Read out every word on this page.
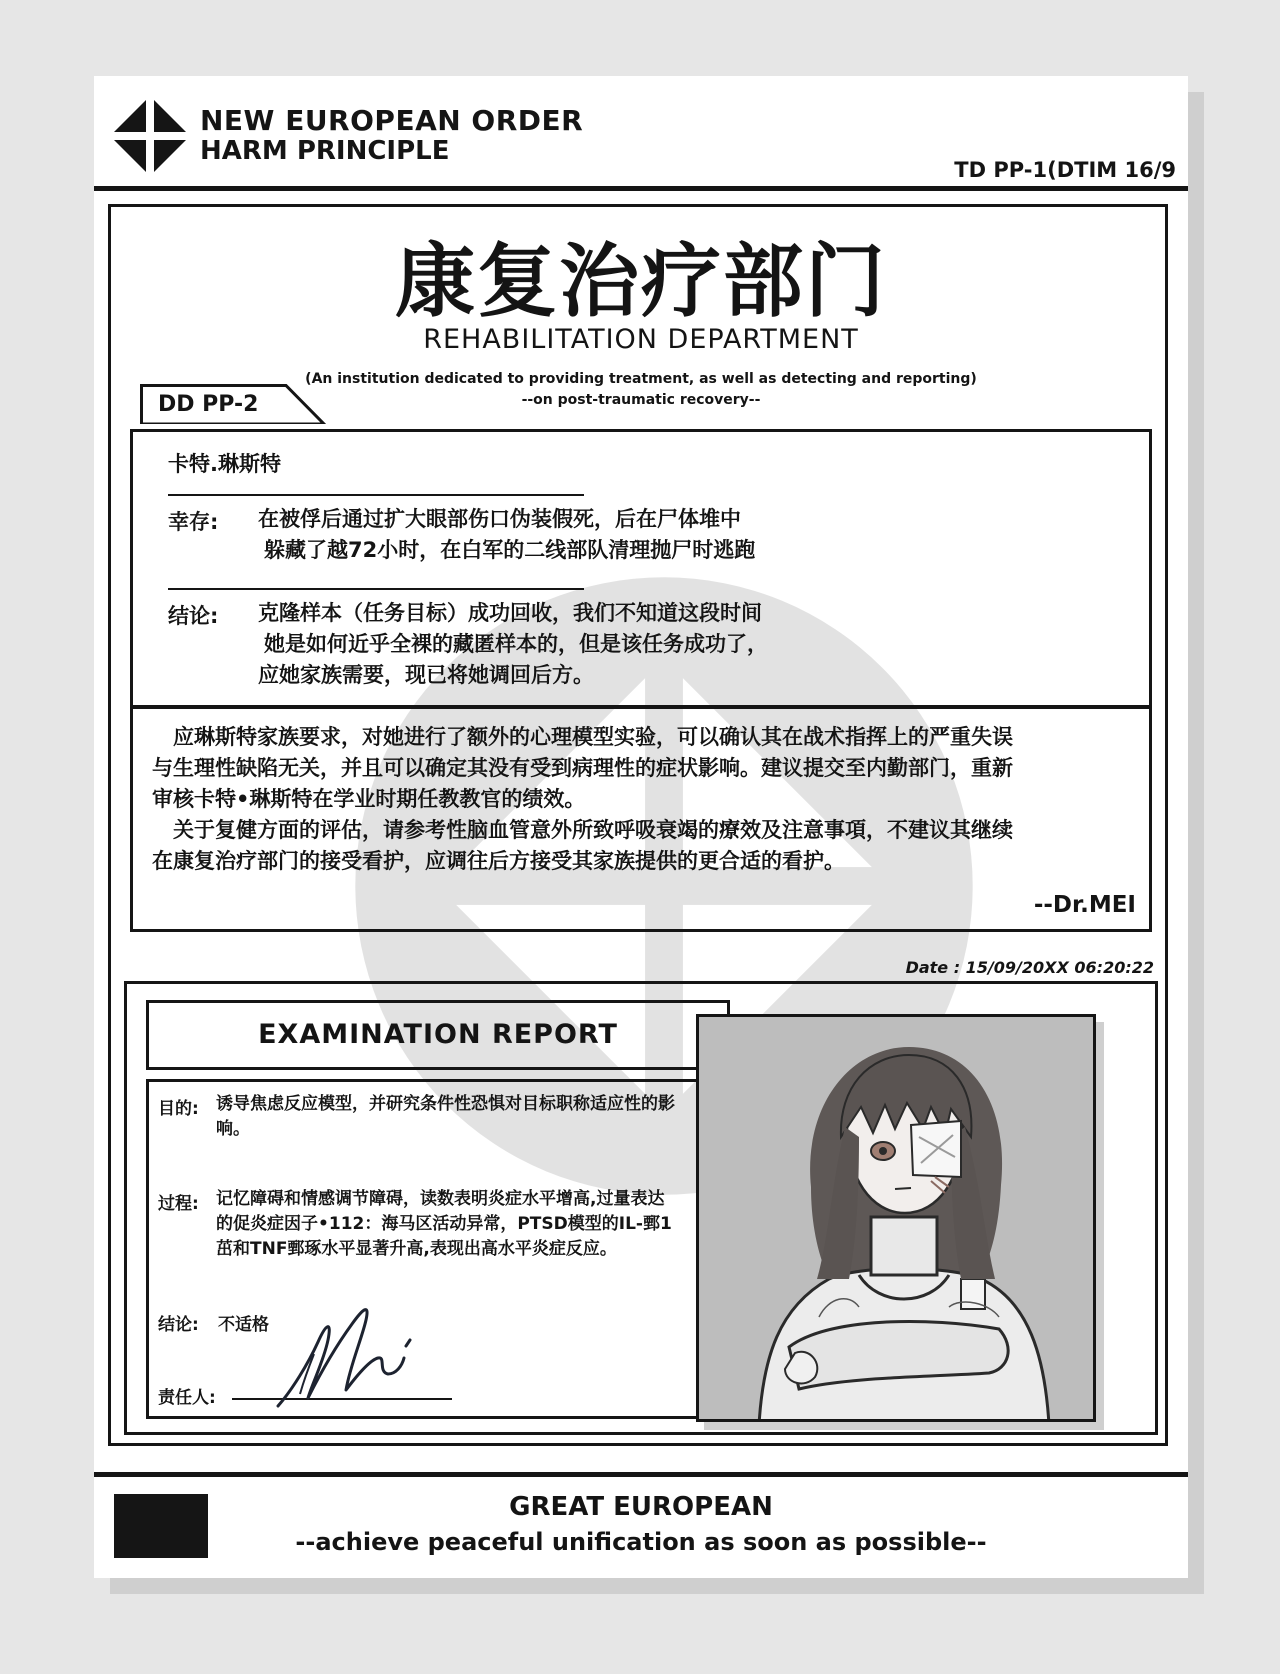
NEW EUROPEAN ORDER
HARM PRINCIPLE
TD PP-1(DTIM 16/9
康复治疗部门
REHABILITATION DEPARTMENT
(An institution dedicated to providing treatment, as well as detecting and reporting)
--on post-traumatic recovery--
DD PP-2
卡特.琳斯特
幸存: 在被俘后通过扩大眼部伤口伪装假死，后在尸体堆中
躲藏了越72小时，在白军的二线部队清理抛尸时逃跑
结论: 克隆样本（任务目标）成功回收，我们不知道这段时间
她是如何近乎全裸的藏匿样本的，但是该任务成功了，
应她家族需要，现已将她调回后方。
　应琳斯特家族要求，对她进行了额外的心理模型实验，可以确认其在战术指挥上的严重失误
与生理性缺陷无关，并且可以确定其没有受到病理性的症状影响。建议提交至内勤部门，重新
审核卡特•琳斯特在学业时期任教教官的绩效。
　关于复健方面的评估，请参考性脑血管意外所致呼吸衰竭的療效及注意事項，不建议其继续
在康复治疗部门的接受看护，应调往后方接受其家族提供的更合适的看护。
--Dr.MEI
Date : 15/09/20XX 06:20:22
EXAMINATION REPORT
目的: 诱导焦虑反应模型，并研究条件性恐惧对目标职称适应性的影响。
过程: 记忆障碍和情感调节障碍，读数表明炎症水平增高,过量表达的促炎症因子•112：海马区活动异常，PTSD模型的IL-鄄1茁和TNF鄄琢水平显著升高,表现出高水平炎症反应。
结论: 不适格
责任人:
GREAT EUROPEAN
--achieve peaceful unification as soon as possible--
